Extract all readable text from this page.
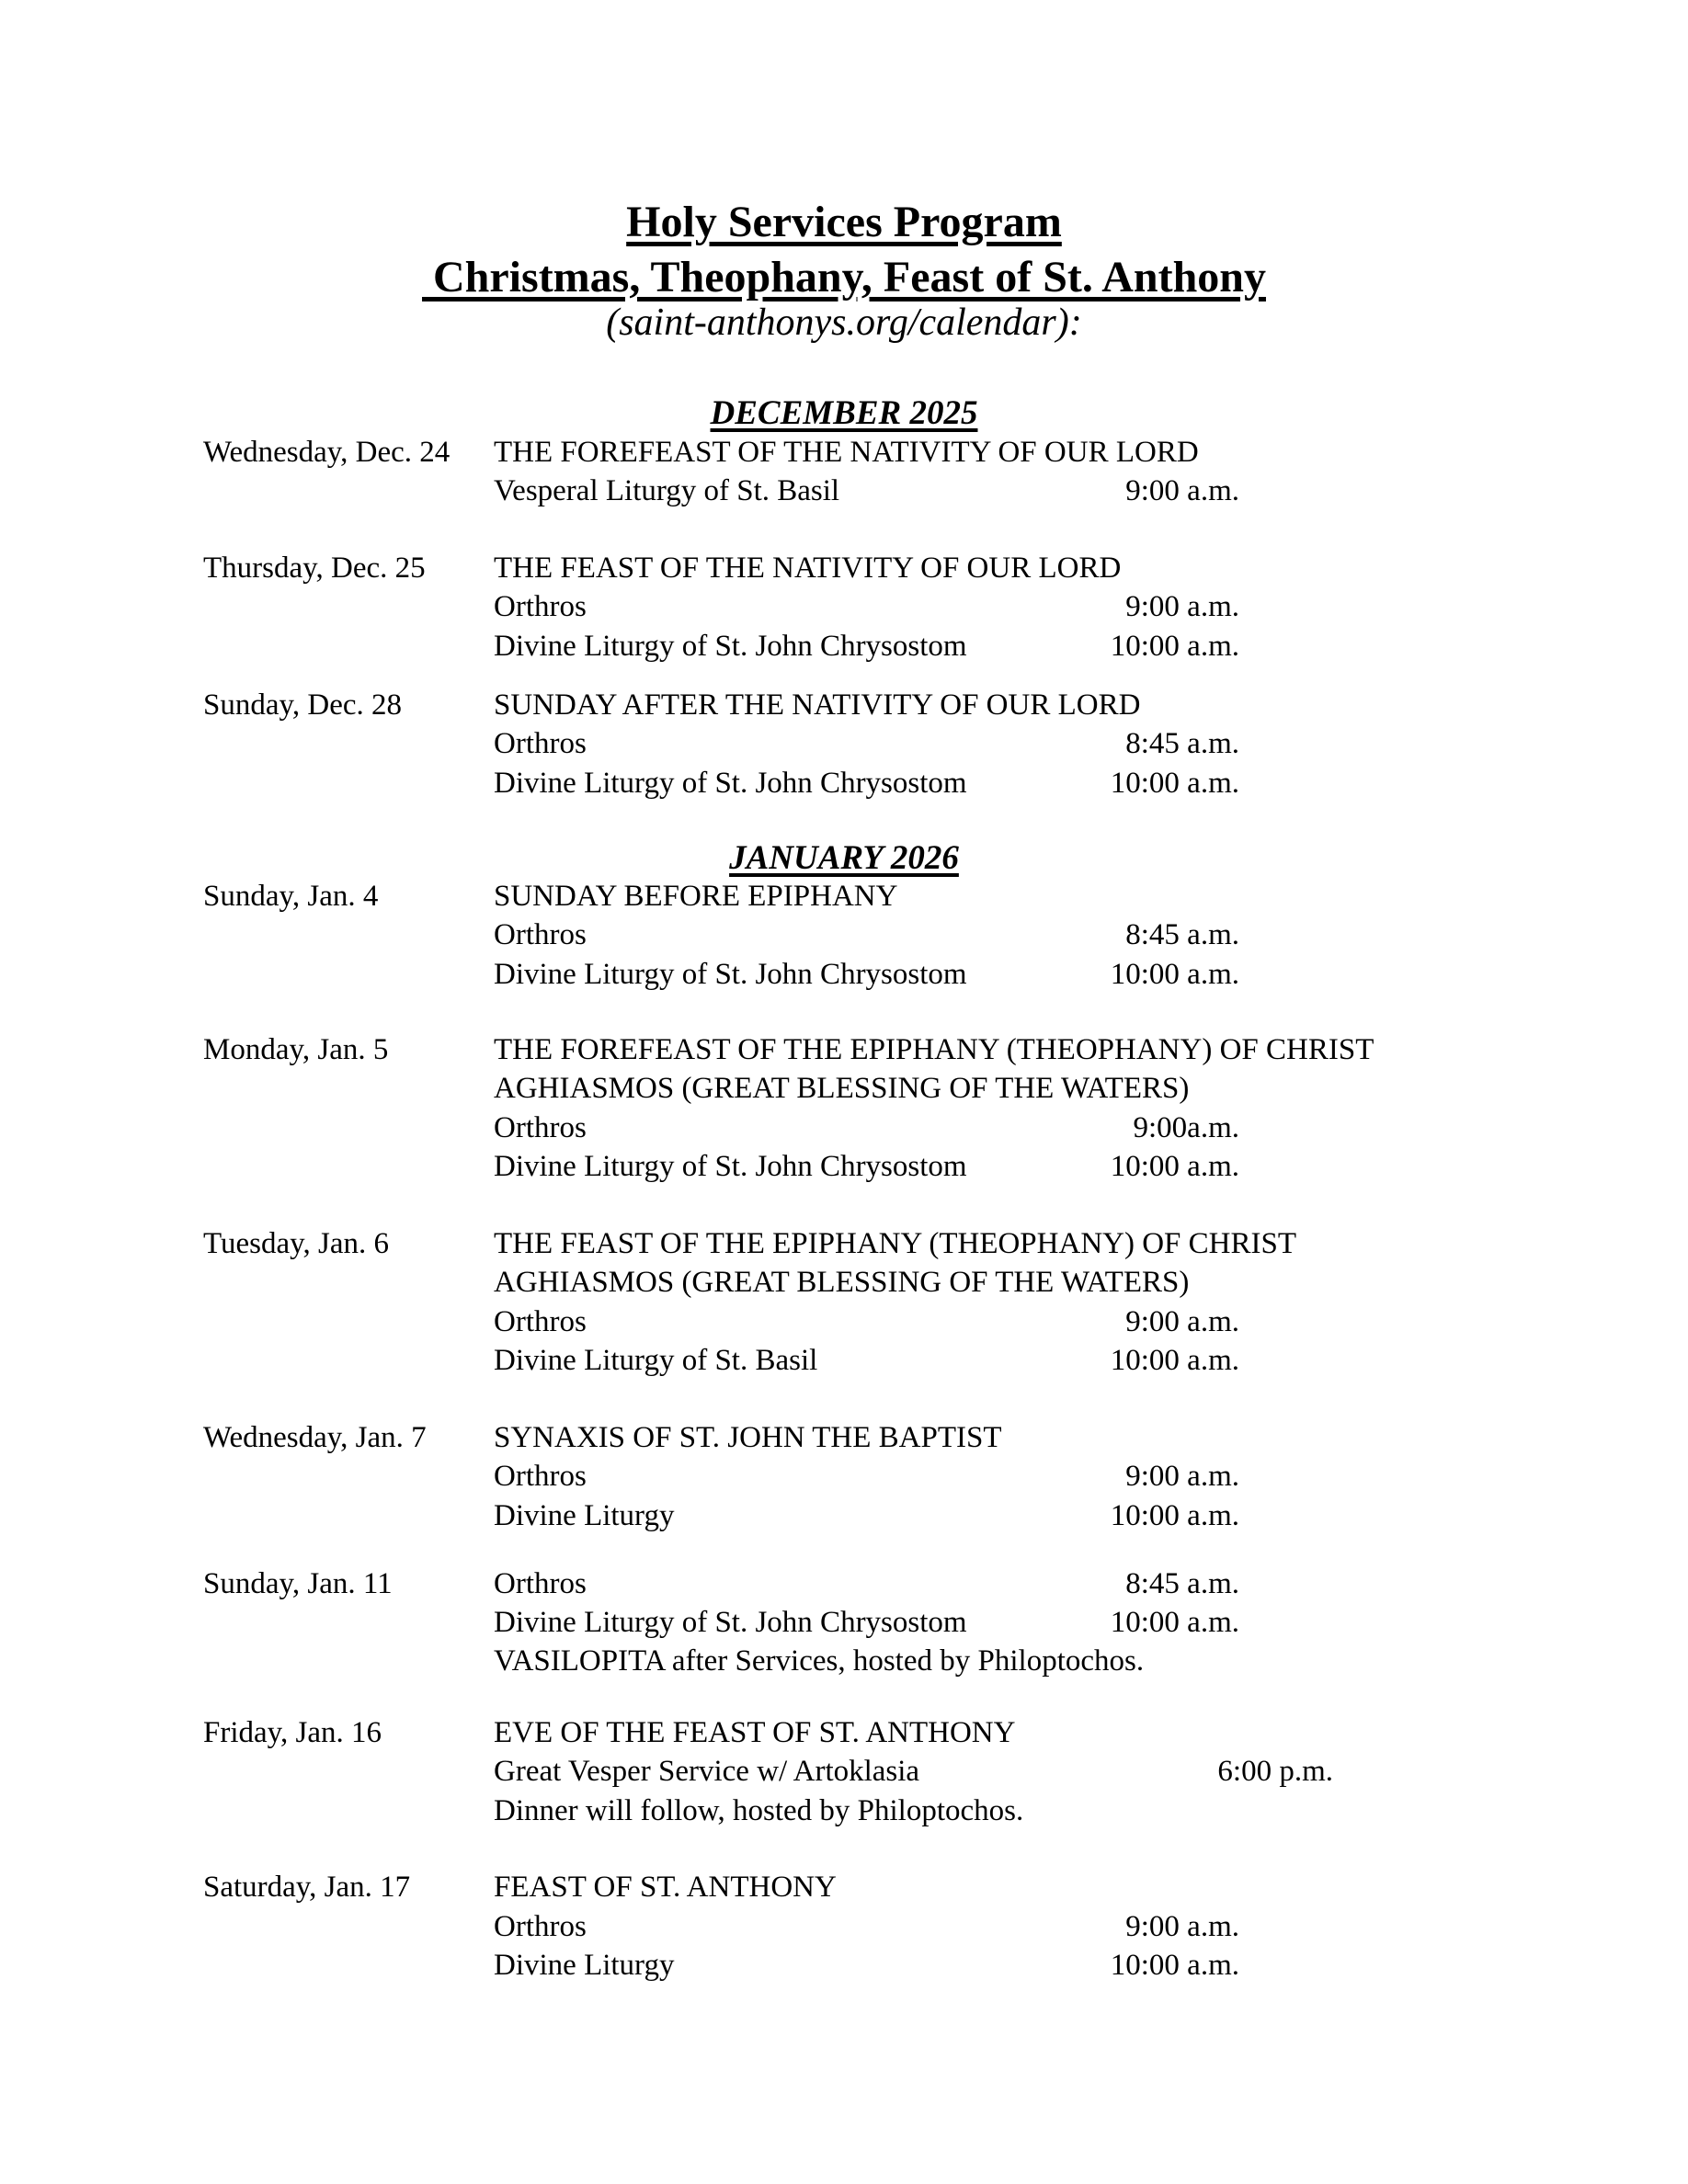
Holy Services Program
Christmas, Theophany, Feast of St. Anthony
(saint-anthonys.org/calendar):
DECEMBER 2025
Wednesday, Dec. 24 THE FOREFEAST OF THE NATIVITY OF OUR LORD
Vesperal Liturgy of St. Basil	9:00 a.m.
Thursday, Dec. 25 THE FEAST OF THE NATIVITY OF OUR LORD
Orthros	9:00 a.m.
Divine Liturgy of St. John Chrysostom	10:00 a.m.
Sunday, Dec. 28	SUNDAY AFTER THE NATIVITY OF OUR LORD
Orthros	8:45 a.m.
Divine Liturgy of St. John Chrysostom	10:00 a.m.
JANUARY 2026
Sunday, Jan. 4	SUNDAY BEFORE EPIPHANY
Orthros	8:45 a.m.
Divine Liturgy of St. John Chrysostom	10:00 a.m.
Monday, Jan. 5	THE FOREFEAST OF THE EPIPHANY (THEOPHANY) OF CHRIST
AGHIASMOS (GREAT BLESSING OF THE WATERS)
Orthros	9:00a.m.
Divine Liturgy of St. John Chrysostom	10:00 a.m.
Tuesday, Jan. 6	THE FEAST OF THE EPIPHANY (THEOPHANY) OF CHRIST
AGHIASMOS (GREAT BLESSING OF THE WATERS)
Orthros	9:00 a.m.
Divine Liturgy of St. Basil	10:00 a.m.
Wednesday, Jan. 7 SYNAXIS OF ST. JOHN THE BAPTIST
Orthros	9:00 a.m.
Divine Liturgy	10:00 a.m.
Sunday, Jan. 11	Orthros	8:45 a.m.
Divine Liturgy of St. John Chrysostom	10:00 a.m.
VASILOPITA after Services, hosted by Philoptochos.
Friday, Jan. 16	EVE OF THE FEAST OF ST. ANTHONY
Great Vesper Service w/ Artoklasia	6:00 p.m.
Dinner will follow, hosted by Philoptochos.
Saturday, Jan. 17	FEAST OF ST. ANTHONY
Orthros	9:00 a.m.
Divine Liturgy	10:00 a.m.
